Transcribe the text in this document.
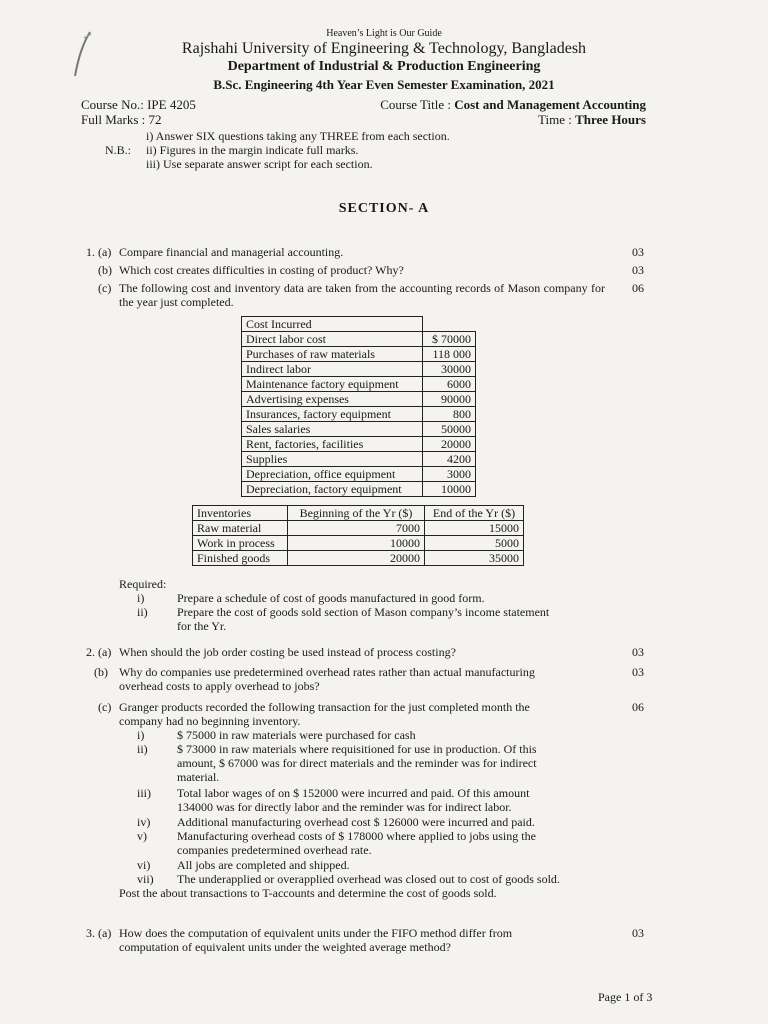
Heaven’s Light is Our Guide
Rajshahi University of Engineering & Technology, Bangladesh
Department of Industrial & Production Engineering
B.Sc. Engineering 4th Year Even Semester Examination, 2021
Course No.: IPE 4205	Course Title : Cost and Management Accounting
Full Marks : 72	Time : Three Hours
N.B.:
i) Answer SIX questions taking any THREE from each section.
ii) Figures in the margin indicate full marks.
iii) Use separate answer script for each section.
SECTION- A
1. (a) Compare financial and managerial accounting.	03
(b) Which cost creates difficulties in costing of product? Why?	03
(c) The following cost and inventory data are taken from the accounting records of Mason company for the year just completed.
06
Cost Incurred	
Direct labor cost	$ 70000
Purchases of raw materials	118 000
Indirect labor	30000
Maintenance factory equipment	6000
Advertising expenses	90000
Insurances, factory equipment	800
Sales salaries	50000
Rent, factories, facilities	20000
Supplies	4200
Depreciation, office equipment	3000
Depreciation, factory equipment	10000
Inventories	Beginning of the Yr ($)	End of the Yr ($)
Raw material	7000	15000
Work in process	10000	5000
Finished goods	20000	35000
Required:
i)	Prepare a schedule of cost of goods manufactured in good form.
ii) Prepare the cost of goods sold section of Mason company’s income statement
for the Yr.
2. (a) When should the job order costing be used instead of process costing?	03
(b) Why do companies use predetermined overhead rates rather than actual manufacturing
overhead costs to apply overhead to jobs?
03
(c) Granger products recorded the following transaction for the just completed month the
company had no beginning inventory.
06
i)	$ 75000 in raw materials were purchased for cash
ii) $ 73000 in raw materials where requisitioned for use in production. Of this
amount, $ 67000 was for direct materials and the reminder was for indirect
material.
iii) Total labor wages of on $ 152000 were incurred and paid. Of this amount
134000 was for directly labor and the reminder was for indirect labor.
iv) Additional manufacturing overhead cost $ 126000 were incurred and paid.
v)	Manufacturing overhead costs of $ 178000 where applied to jobs using the
companies predetermined overhead rate.
vi) All jobs are completed and shipped.
vii) The underapplied or overapplied overhead was closed out to cost of goods sold.
Post the about transactions to T-accounts and determine the cost of goods sold.
3. (a) How does the computation of equivalent units under the FIFO method differ from
computation of equivalent units under the weighted average method?
03
Page 1 of 3
